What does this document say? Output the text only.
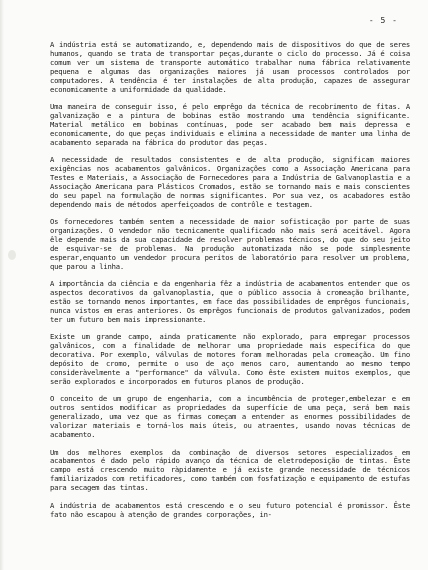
- 5 -

A indústria está se automatizando, e, dependendo mais de dispositivos do que de seres humanos, quando se trata de transportar peças,durante o ciclo do processo. Já é coisa comum ver um sistema de transporte automático trabalhar numa fábrica relativamente pequena e algumas das organizações maiores já usam processos controlados por computadores. A tendência é ter instalações de alta produção, capazes de assegurar economicamente a uniformidade da qualidade.

Uma maneira de conseguir isso, é pelo emprêgo da técnica de recobrimento de fitas. A galvanização e a pintura de bobinas estão mostrando uma tendência significante. Material metálico em bobinas contínuas, pode ser acabado bem mais depressa e economicamente, do que peças individuais e elimina a necessidade de manter uma linha de acabamento separada na fábrica do produtor das peças.

A necessidade de resultados consistentes e de alta produção, significam maiores exigências nos acabamentos galvânicos. Organizações como a Associação Americana para Testes e Materiais, a Associação de Fornecedores para a Indústria de Galvanoplastia e a Associação Americana para Plásticos Cromados, estão se tornando mais e mais conscientes do seu papel na formulação de normas significantes. Por sua vez, os acabadores estão dependendo mais de métodos aperfeiçoados de contrôle e testagem.

Os fornecedores também sentem a necessidade de maior sofisticação por parte de suas organizações. O vendedor não tecnicamente qualificado não mais será aceitável. Agora êle depende mais da sua capacidade de resolver problemas técnicos, do que do seu jeito de esquivar-se de problemas. Na produção automatizada não se pode simplesmente esperar,enquanto um vendedor procura peritos de laboratório para resolver um problema, que parou a linha.

A importância da ciência e da engenharia fêz a indústria de acabamentos entender que os aspectos decorativos da galvanoplastia, que o público associa à cromeação brilhante, estão se tornando menos importantes, em face das possibilidades de emprêgos funcionais, nunca vistos em eras anteriores. Os emprêgos funcionais de produtos galvanizados, podem ter um futuro bem mais impressionante.

Existe um grande campo, ainda praticamente não explorado, para empregar processos galvânicos, com a finalidade de melhorar uma propriedade mais específica do que decorativa. Por exemplo, válvulas de motores foram melhoradas pela cromeação. Um fino depósito de cromo, permite o uso de aço menos caro, aumentando ao mesmo tempo consideràvelmente a "performance" da válvula. Como êste existem muitos exemplos, que serão explorados e incorporados em futuros planos de produção.

O conceito de um grupo de engenharia, com a incumbência de proteger,embelezar e em outros sentidos modificar as propriedades da superfície de uma peça, será bem mais generalizado, uma vez que as firmas começam a entender as enormes possibilidades de valorizar materiais e torná-los mais úteis, ou atraentes, usando novas técnicas de acabamento.

Um dos melhores exemplos da combinação de diversos setores especializados em acabamentos é dado pelo rápido avanço da técnica de eletrodeposição de tintas. Êste campo está crescendo muito ràpidamente e já existe grande necessidade de técnicos familiarizados com retificadores, como também com fosfatização e equipamento de estufas para secagem das tintas.

A indústria de acabamentos está crescendo e o seu futuro potencial é promissor. Êste fato não escapou à atenção de grandes corporações, in-
